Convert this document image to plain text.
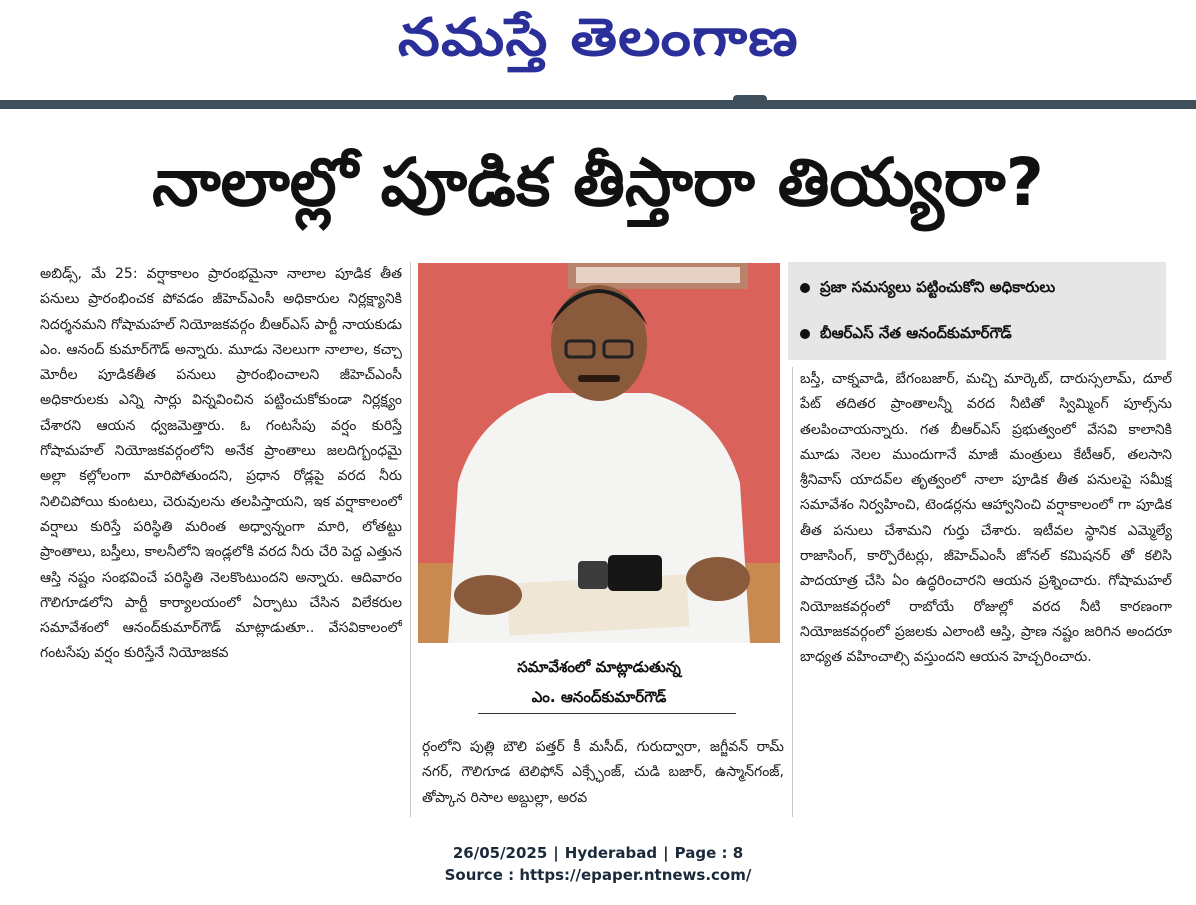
నమస్తే తెలంగాణ
నాలాల్లో పూడిక తీస్తారా తియ్యరా?
అబిడ్స్, మే 25: వర్షాకాలం ప్రారంభమైనా నాలాల పూడిక తీత పనులు ప్రారంభించక పోవడం జీహెచ్ఎంసీ అధికారుల నిర్లక్ష్యానికి నిదర్శనమని గోషామహల్ నియోజకవర్గం బీఆర్ఎస్ పార్టీ నాయకుడు ఎం. ఆనంద్ కుమార్‌గౌడ్ అన్నారు. మూడు నెలలుగా నాలాల, కచ్చా మోరీల పూడికతీత పనులు ప్రారంభించాలని జీహెచ్ఎంసీ అధికారులకు ఎన్ని సార్లు విన్నవించిన పట్టించుకోకుండా నిర్లక్ష్యం చేశారని ఆయన ధ్వజమెత్తారు. ఓ గంటసేపు వర్షం కురిస్తే గోషామహల్ నియోజకవర్గంలోని అనేక ప్రాంతాలు జలదిగ్బంధమై అల్లా కల్లోలంగా మారిపోతుందని, ప్రధాన రోడ్లపై వరద నీరు నిలిచిపోయి కుంటలు, చెరువులను తలపిస్తాయని, ఇక వర్షాకాలంలో వర్షాలు కురిస్తే పరిస్థితి మరింత అధ్వాన్నంగా మారి, లోతట్టు ప్రాంతాలు, బస్తీలు, కాలనీలోని ఇండ్లలోకి వరద నీరు చేరి పెద్ద ఎత్తున ఆస్తి నష్టం సంభవించే పరిస్థితి నెలకొంటుందని అన్నారు. ఆదివారం గౌలిగూడలోని పార్టీ కార్యాలయంలో ఏర్పాటు చేసిన విలేకరుల సమావేశంలో ఆనంద్‌కుమార్‌గౌడ్ మాట్లాడుతూ.. వేసవికాలంలో గంటసేపు వర్షం కురిస్తేనే నియోజకవ
సమావేశంలో మాట్లాడుతున్న
ఎం. ఆనంద్‌కుమార్‌గౌడ్
ర్గంలోని పుత్లి బౌలి పత్తర్ కీ మసీద్, గురుద్వారా, జగ్జీవన్ రామ్ నగర్, గౌలిగూడ టెలిఫోన్ ఎక్స్ఛేంజ్, చుడి బజార్, ఉస్మాన్‌గంజ్, తోప్కాన రిసాల అబ్దుల్లా, అరవ
ప్రజా సమస్యలు పట్టించుకోని అధికారులు
బీఆర్ఎస్ నేత ఆనంద్‌కుమార్‌గౌడ్
బస్తీ, చాక్నవాడి, బేగంబజార్, మచ్చి మార్కెట్, దారుస్సలామ్, దూల్ పేట్ తదితర ప్రాంతాలన్నీ వరద నీటితో స్విమ్మింగ్ పూల్స్‌ను తలపించాయన్నారు. గత బీఆర్ఎస్ ప్రభుత్వంలో వేసవి కాలానికి మూడు నెలల ముందుగానే మాజీ మంత్రులు కేటీఆర్, తలసాని శ్రీనివాస్ యాదవ్‌ల తృత్వంలో నాలా పూడిక తీత పనులపై సమీక్ష సమావేశం నిర్వహించి, టెండర్లను ఆహ్వానించి వర్షాకాలంలో గా పూడిక తీత పనులు చేశామని గుర్తు చేశారు. ఇటీవల స్థానిక ఎమ్మెల్యే రాజాసింగ్, కార్పొరేటర్లు, జీహెచ్ఎంసీ జోనల్ కమిషనర్ తో కలిసి పాదయాత్ర చేసి ఏం ఉద్ధరించారని ఆయన ప్రశ్నించారు. గోషామహల్ నియోజకవర్గంలో రాబోయే రోజుల్లో వరద నీటి కారణంగా నియోజకవర్గంలో ప్రజలకు ఎలాంటి ఆస్తి, ప్రాణ నష్టం జరిగిన అందరూ బాధ్యత వహించాల్సి వస్తుందని ఆయన హెచ్చరించారు.
26/05/2025 | Hyderabad | Page : 8
Source : https://epaper.ntnews.com/
